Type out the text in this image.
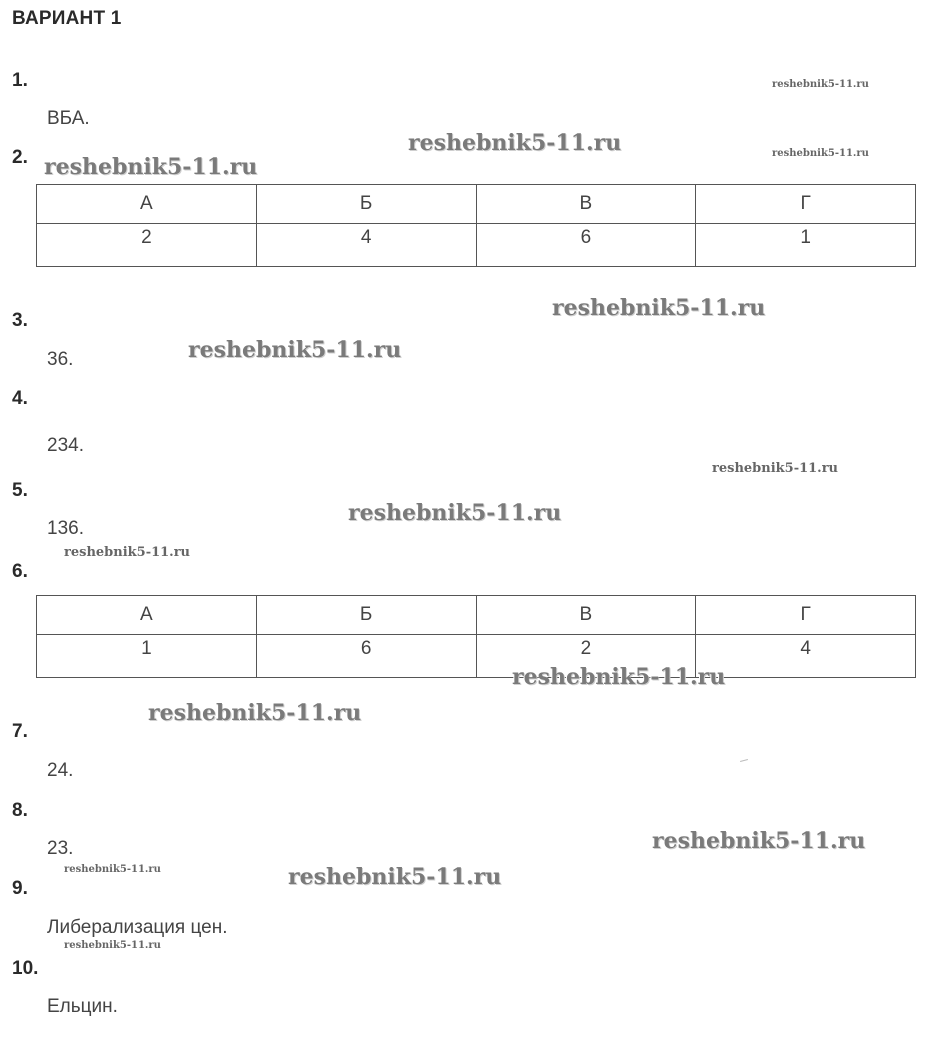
ВАРИАНТ 1
1.
ВБА.
2.
А	Б	В	Г
2	4	6	1
3.
36.
4.
234.
5.
136.
6.
А	Б	В	Г
1	6	2	4
7.
24.
8.
23.
9.
Либерализация цен.
10.
Ельцин.
reshebnik5-11.ru
reshebnik5-11.ru	reshebnik5-11.ru
reshebnik5-11.ru
reshebnik5-11.ru
reshebnik5-11.ru
reshebnik5-11.ru
reshebnik5-11.ru
reshebnik5-11.ru
reshebnik5-11.ru
reshebnik5-11.ru
reshebnik5-11.ru
reshebnik5-11.ru	reshebnik5-11.ru
reshebnik5-11.ru
